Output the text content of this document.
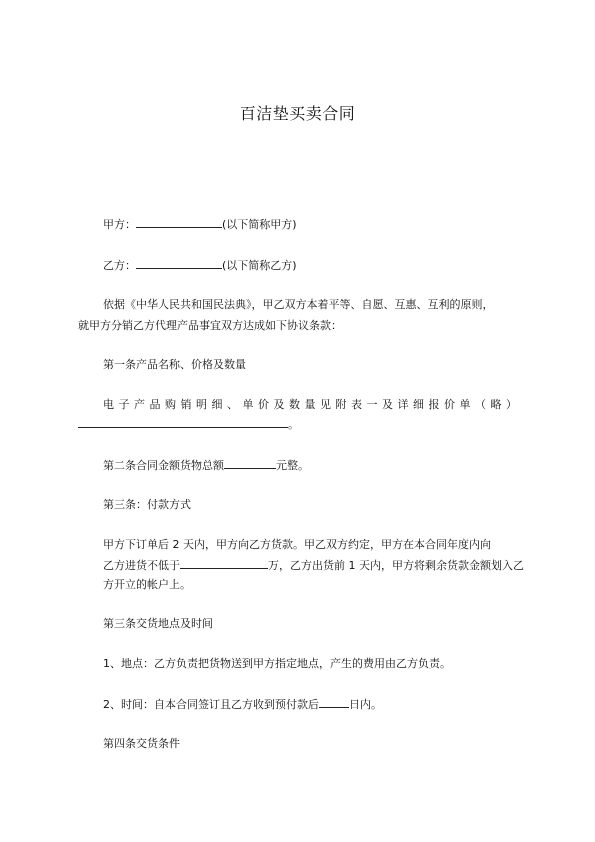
百洁垫买卖合同
甲方：	(以下简称甲方)
乙方：	(以下简称乙方)
依据《中华人民共和国民法典》，甲乙双方本着平等、自愿、互惠、互利的原则，
就甲方分销乙方代理产品事宜双方达成如下协议条款：
第一条产品名称、价格及数量
电 子 产 品 购 销 明 细 、 单 价 及 数 量 见 附 表 一 及 详 细 报 价 单 （ 略 ）
。
第二条合同金额货物总额	元整。
第三条：付款方式
甲方下订单后 2 天内，甲方向乙方货款。甲乙双方约定，甲方在本合同年度内向
乙方进货不低于	万，乙方出货前 1 天内，甲方将剩余货款金额划入乙
方开立的帐户上。
第三条交货地点及时间
1、地点：乙方负责把货物送到甲方指定地点，产生的费用由乙方负责。
2、时间：自本合同签订且乙方收到预付款后	日内。
第四条交货条件
